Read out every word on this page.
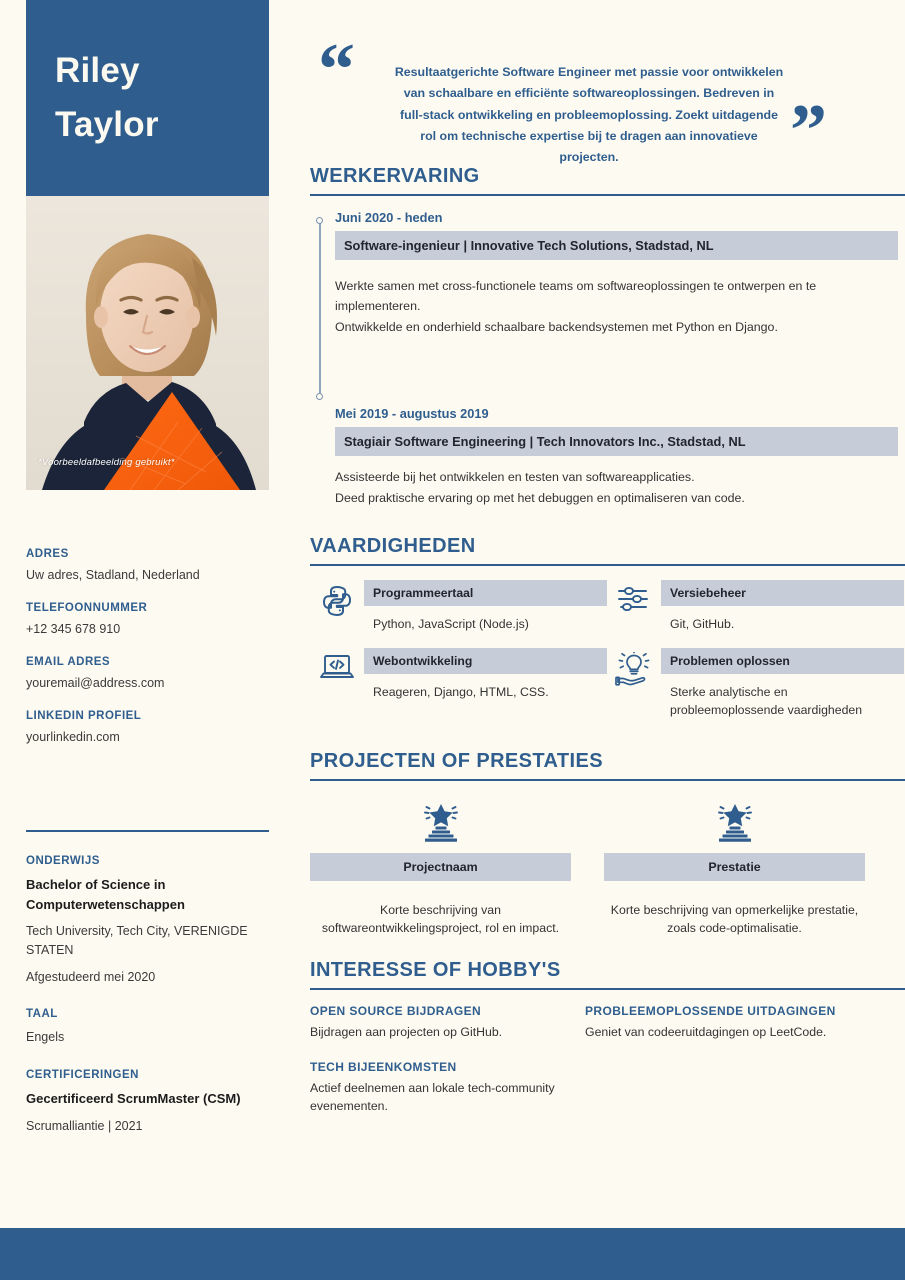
Riley
Taylor
*Voorbeeldafbeelding gebruikt*
ADRES
Uw adres, Stadland, Nederland
TELEFOONNUMMER
+12 345 678 910
EMAIL ADRES
youremail@address.com
LINKEDIN PROFIEL
yourlinkedin.com
ONDERWIJS
Bachelor of Science in Computerwetenschappen
Tech University, Tech City, VERENIGDE STATEN
Afgestudeerd mei 2020
TAAL
Engels
CERTIFICERINGEN
Gecertificeerd ScrumMaster (CSM)
Scrumalliantie | 2021
“	Resultaatgerichte Software Engineer met passie voor ontwikkelen van schaalbare en efficiënte softwareoplossingen. Bedreven in full-stack ontwikkeling en probleemoplossing. Zoekt uitdagende rol om technische expertise bij te dragen aan innovatieve projecten.	”
WERKERVARING
Juni 2020 - heden
Software-ingenieur | Innovative Tech Solutions, Stadstad, NL

Werkte samen met cross-functionele teams om softwareoplossingen te ontwerpen en te implementeren.

Ontwikkelde en onderhield schaalbare backendsystemen met Python en Django.

Mei 2019 - augustus 2019
Stagiair Software Engineering | Tech Innovators Inc., Stadstad, NL

Assisteerde bij het ontwikkelen en testen van softwareapplicaties.

Deed praktische ervaring op met het debuggen en optimaliseren van code.

VAARDIGHEDEN
Programmeertaal
Python, JavaScript (Node.js)
Versiebeheer
Git, GitHub.
Webontwikkeling
Reageren, Django, HTML, CSS.
Problemen oplossen
Sterke analytische en probleemoplossende vaardigheden
PROJECTEN OF PRESTATIES
Projectnaam
Korte beschrijving van softwareontwikkelingsproject, rol en impact.
Prestatie
Korte beschrijving van opmerkelijke prestatie, zoals code-optimalisatie.
INTERESSE OF HOBBY'S
OPEN SOURCE BIJDRAGEN
Bijdragen aan projecten op GitHub.
TECH BIJEENKOMSTEN
Actief deelnemen aan lokale tech-community evenementen.
PROBLEEMOPLOSSENDE UITDAGINGEN
Geniet van codeeruitdagingen op LeetCode.
